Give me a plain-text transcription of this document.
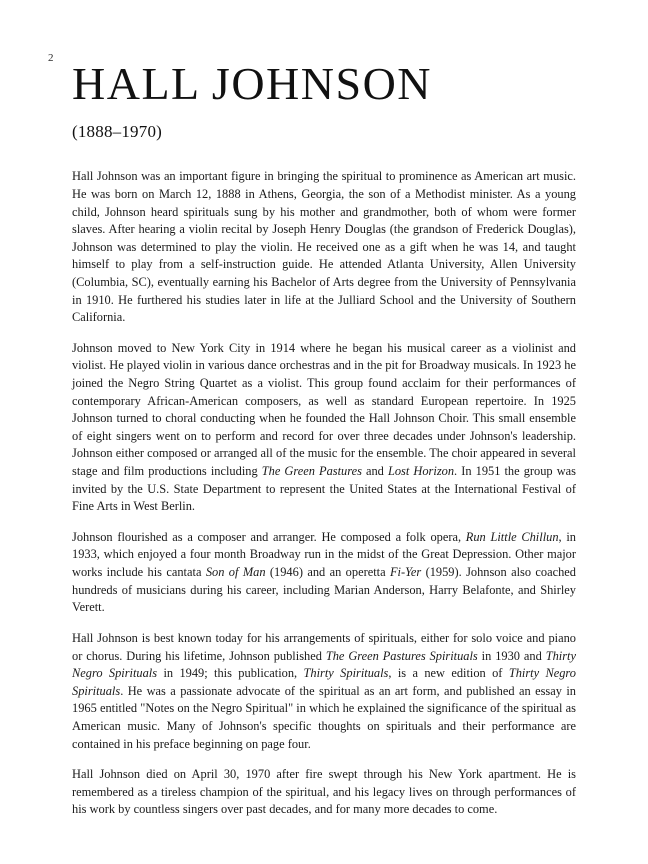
2 HALL JOHNSON
(1888–1970)

Hall Johnson was an important figure in bringing the spiritual to prominence as American art music. He was born on March 12, 1888 in Athens, Georgia, the son of a Methodist minister. As a young child, Johnson heard spirituals sung by his mother and grandmother, both of whom were former slaves. After hearing a violin recital by Joseph Henry Douglas (the grandson of Frederick Douglas), Johnson was determined to play the violin. He received one as a gift when he was 14, and taught himself to play from a self-instruction guide. He attended Atlanta University, Allen University (Columbia, SC), eventually earning his Bachelor of Arts degree from the University of Pennsylvania in 1910. He furthered his studies later in life at the Julliard School and the University of Southern California.

Johnson moved to New York City in 1914 where he began his musical career as a violinist and violist. He played violin in various dance orchestras and in the pit for Broadway musicals. In 1923 he joined the Negro String Quartet as a violist. This group found acclaim for their performances of contemporary African-American composers, as well as standard European repertoire. In 1925 Johnson turned to choral conducting when he founded the Hall Johnson Choir. This small ensemble of eight singers went on to perform and record for over three decades under Johnson's leadership. Johnson either composed or arranged all of the music for the ensemble. The choir appeared in several stage and film productions including The Green Pastures and Lost Horizon. In 1951 the group was invited by the U.S. State Department to represent the United States at the International Festival of Fine Arts in West Berlin.

Johnson flourished as a composer and arranger. He composed a folk opera, Run Little Chillun, in 1933, which enjoyed a four month Broadway run in the midst of the Great Depression. Other major works include his cantata Son of Man (1946) and an operetta Fi-Yer (1959). Johnson also coached hundreds of musicians during his career, including Marian Anderson, Harry Belafonte, and Shirley Verett.

Hall Johnson is best known today for his arrangements of spirituals, either for solo voice and piano or chorus. During his lifetime, Johnson published The Green Pastures Spirituals in 1930 and Thirty Negro Spirituals in 1949; this publication, Thirty Spirituals, is a new edition of Thirty Negro Spirituals. He was a passionate advocate of the spiritual as an art form, and published an essay in 1965 entitled "Notes on the Negro Spiritual" in which he explained the significance of the spiritual as American music. Many of Johnson's specific thoughts on spirituals and their performance are contained in his preface beginning on page four.

Hall Johnson died on April 30, 1970 after fire swept through his New York apartment. He is remembered as a tireless champion of the spiritual, and his legacy lives on through performances of his work by countless singers over past decades, and for many more decades to come.
